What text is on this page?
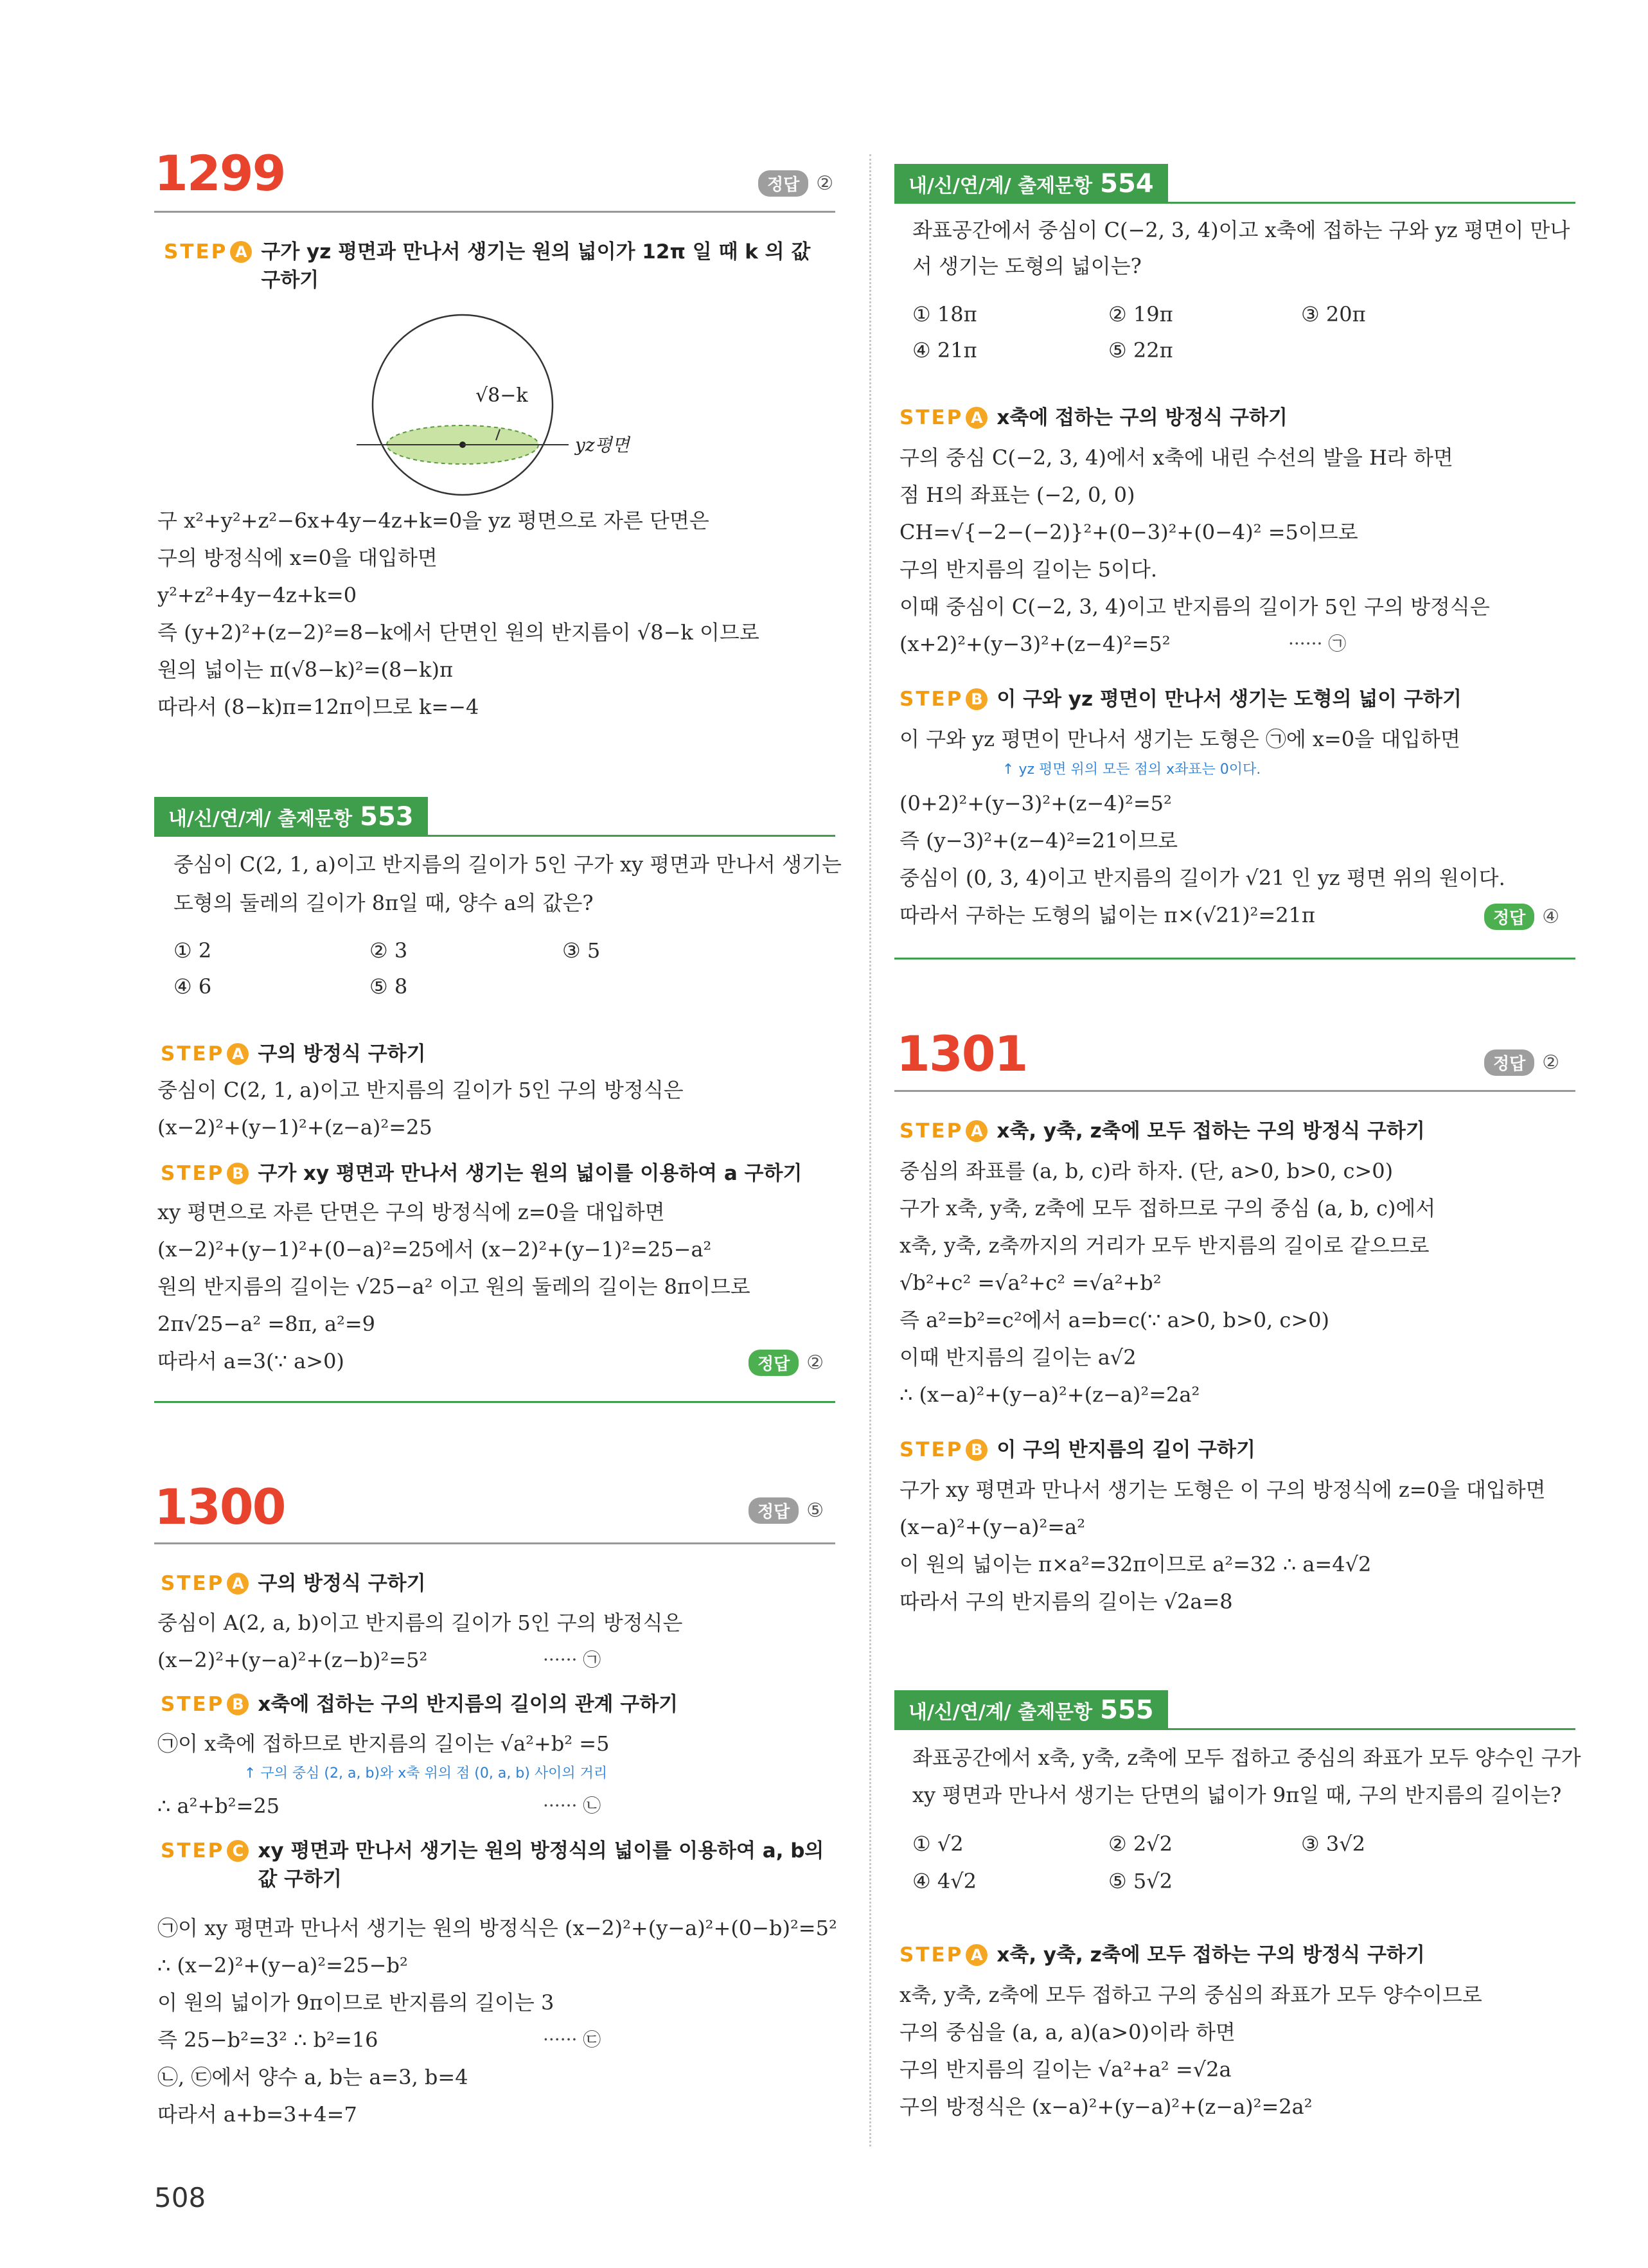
1299	정답 ②
STEP A 구가 yz 평면과 만나서 생기는 원의 넓이가 12π 일 때 k 의 값 구하기
√8−k
yz평면
구 x²+y²+z²−6x+4y−4z+k=0을 yz 평면으로 자른 단면은
구의 방정식에 x=0을 대입하면
y²+z²+4y−4z+k=0
즉 (y+2)²+(z−2)²=8−k에서 단면인 원의 반지름이 √8−k 이므로
원의 넓이는 π(√8−k)²=(8−k)π
따라서 (8−k)π=12π이므로 k=−4
내/신/연/계/ 출제문항 553
중심이 C(2, 1, a)이고 반지름의 길이가 5인 구가 xy 평면과 만나서 생기는
도형의 둘레의 길이가 8π일 때, 양수 a의 값은?
① 2	② 3	③ 5
④ 6	⑤ 8
STEP A 구의 방정식 구하기
중심이 C(2, 1, a)이고 반지름의 길이가 5인 구의 방정식은
(x−2)²+(y−1)²+(z−a)²=25
STEP B 구가 xy 평면과 만나서 생기는 원의 넓이를 이용하여 a 구하기
xy 평면으로 자른 단면은 구의 방정식에 z=0을 대입하면
(x−2)²+(y−1)²+(0−a)²=25에서 (x−2)²+(y−1)²=25−a²
원의 반지름의 길이는 √25−a² 이고 원의 둘레의 길이는 8π이므로
2π√25−a² =8π, a²=9
따라서 a=3(∵ a>0)	정답 ②
1300	정답 ⑤
STEP A 구의 방정식 구하기
중심이 A(2, a, b)이고 반지름의 길이가 5인 구의 방정식은
(x−2)²+(y−a)²+(z−b)²=5²	······ ㉠
STEP B x축에 접하는 구의 반지름의 길이의 관계 구하기
㉠이 x축에 접하므로 반지름의 길이는 √a²+b² =5
↑ 구의 중심 (2, a, b)와 x축 위의 점 (0, a, b) 사이의 거리
∴ a²+b²=25	······ ㉡
STEP C xy 평면과 만나서 생기는 원의 방정식의 넓이를 이용하여 a, b의 값 구하기
㉠이 xy 평면과 만나서 생기는 원의 방정식은 (x−2)²+(y−a)²+(0−b)²=5²
∴ (x−2)²+(y−a)²=25−b²
이 원의 넓이가 9π이므로 반지름의 길이는 3
즉 25−b²=3² ∴ b²=16	······ ㉢
㉡, ㉢에서 양수 a, b는 a=3, b=4
따라서 a+b=3+4=7
508
내/신/연/계/ 출제문항 554
좌표공간에서 중심이 C(−2, 3, 4)이고 x축에 접하는 구와 yz 평면이 만나
서 생기는 도형의 넓이는?
① 18π	② 19π	③ 20π
④ 21π	⑤ 22π
STEP A x축에 접하는 구의 방정식 구하기
구의 중심 C(−2, 3, 4)에서 x축에 내린 수선의 발을 H라 하면
점 H의 좌표는 (−2, 0, 0)
CH=√{−2−(−2)}²+(0−3)²+(0−4)² =5이므로
구의 반지름의 길이는 5이다.
이때 중심이 C(−2, 3, 4)이고 반지름의 길이가 5인 구의 방정식은
(x+2)²+(y−3)²+(z−4)²=5²	······ ㉠
STEP B 이 구와 yz 평면이 만나서 생기는 도형의 넓이 구하기
이 구와 yz 평면이 만나서 생기는 도형은 ㉠에 x=0을 대입하면
↑ yz 평면 위의 모든 점의 x좌표는 0이다.
(0+2)²+(y−3)²+(z−4)²=5²
즉 (y−3)²+(z−4)²=21이므로
중심이 (0, 3, 4)이고 반지름의 길이가 √21 인 yz 평면 위의 원이다.
따라서 구하는 도형의 넓이는 π×(√21)²=21π	정답 ④
1301	정답 ②
STEP A x축, y축, z축에 모두 접하는 구의 방정식 구하기
중심의 좌표를 (a, b, c)라 하자. (단, a>0, b>0, c>0)
구가 x축, y축, z축에 모두 접하므로 구의 중심 (a, b, c)에서
x축, y축, z축까지의 거리가 모두 반지름의 길이로 같으므로
√b²+c² =√a²+c² =√a²+b²
즉 a²=b²=c²에서 a=b=c(∵ a>0, b>0, c>0)
이때 반지름의 길이는 a√2
∴ (x−a)²+(y−a)²+(z−a)²=2a²
STEP B 이 구의 반지름의 길이 구하기
구가 xy 평면과 만나서 생기는 도형은 이 구의 방정식에 z=0을 대입하면
(x−a)²+(y−a)²=a²
이 원의 넓이는 π×a²=32π이므로 a²=32 ∴ a=4√2
따라서 구의 반지름의 길이는 √2a=8
내/신/연/계/ 출제문항 555
좌표공간에서 x축, y축, z축에 모두 접하고 중심의 좌표가 모두 양수인 구가
xy 평면과 만나서 생기는 단면의 넓이가 9π일 때, 구의 반지름의 길이는?
① √2	② 2√2	③ 3√2
④ 4√2	⑤ 5√2
STEP A x축, y축, z축에 모두 접하는 구의 방정식 구하기
x축, y축, z축에 모두 접하고 구의 중심의 좌표가 모두 양수이므로
구의 중심을 (a, a, a)(a>0)이라 하면
구의 반지름의 길이는 √a²+a² =√2a
구의 방정식은 (x−a)²+(y−a)²+(z−a)²=2a²
